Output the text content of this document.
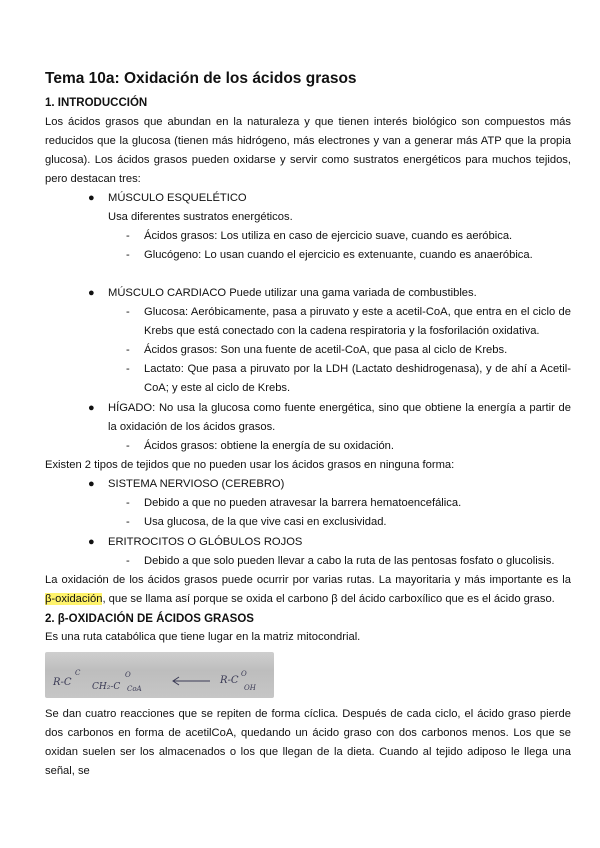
Tema 10a: Oxidación de los ácidos grasos
1. INTRODUCCIÓN

Los ácidos grasos que abundan en la naturaleza y que tienen interés biológico son compuestos más reducidos que la glucosa (tienen más hidrógeno, más electrones y van a generar más ATP que la propia glucosa). Los ácidos grasos pueden oxidarse y servir como sustratos energéticos para muchos tejidos, pero destacan tres:

●	MÚSCULO ESQUELÉTICO
Usa diferentes sustratos energéticos.
-	Ácidos grasos: Los utiliza en caso de ejercicio suave, cuando es aeróbica.
-	Glucógeno: Lo usan cuando el ejercicio es extenuante, cuando es anaeróbica.
●	MÚSCULO CARDIACO Puede utilizar una gama variada de combustibles.
-	Glucosa: Aeróbicamente, pasa a piruvato y este a acetil-CoA, que entra en el ciclo de Krebs que está conectado con la cadena respiratoria y la fosforilación oxidativa.
-	Ácidos grasos: Son una fuente de acetil-CoA, que pasa al ciclo de Krebs.
-	Lactato: Que pasa a piruvato por la LDH (Lactato deshidrogenasa), y de ahí a Acetil-CoA; y este al ciclo de Krebs.
●	HÍGADO: No usa la glucosa como fuente energética, sino que obtiene la energía a partir de la oxidación de los ácidos grasos.
-	Ácidos grasos: obtiene la energía de su oxidación.
Existen 2 tipos de tejidos que no pueden usar los ácidos grasos en ninguna forma:
●	SISTEMA NERVIOSO (CEREBRO)
-	Debido a que no pueden atravesar la barrera hematoencefálica.
-	Usa glucosa, de la que vive casi en exclusividad.
●	ERITROCITOS O GLÓBULOS ROJOS
-	Debido a que solo pueden llevar a cabo la ruta de las pentosas fosfato o glucolisis.

La oxidación de los ácidos grasos puede ocurrir por varias rutas. La mayoritaria y más importante es la

β-oxidación, que se llama así porque se oxida el carbono β del ácido carboxílico que es el ácido graso.
2. β-OXIDACIÓN DE ÁCIDOS GRASOS
Es una ruta catabólica que tiene lugar en la matriz mitocondrial.
R-C
C
CH₂-C
O
CoA
R-C
O
OH

Se dan cuatro reacciones que se repiten de forma cíclica. Después de cada ciclo, el ácido graso pierde dos carbonos en forma de acetilCoA, quedando un ácido graso con dos carbonos menos. Los que se oxidan suelen ser los almacenados o los que llegan de la dieta. Cuando al tejido adiposo le llega una señal, se
